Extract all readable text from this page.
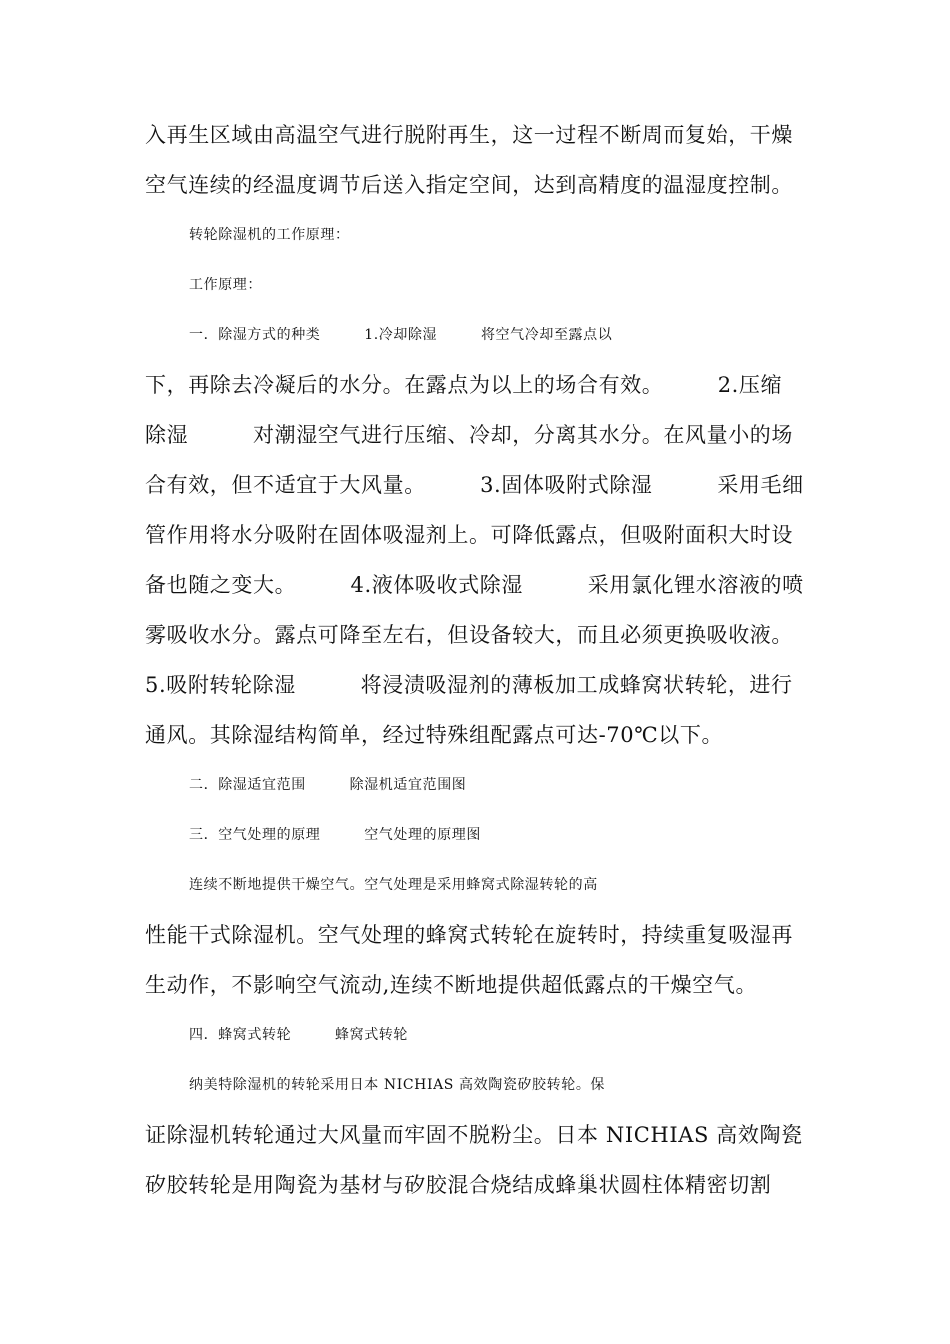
入再生区域由高温空气进行脱附再生，这一过程不断周而复始，干燥
空气连续的经温度调节后送入指定空间，达到高精度的温湿度控制。
转轮除湿机的工作原理：
工作原理：
一．除湿方式的种类　　　1.冷却除湿　　　将空气冷却至露点以
下，再除去冷凝后的水分。在露点为以上的场合有效。　　　2.压缩
除湿　　　对潮湿空气进行压缩、冷却，分离其水分。在风量小的场
合有效，但不适宜于大风量。　　　3.固体吸附式除湿　　　采用毛细
管作用将水分吸附在固体吸湿剂上。可降低露点，但吸附面积大时设
备也随之变大。　　　4.液体吸收式除湿　　　采用氯化锂水溶液的喷
雾吸收水分。露点可降至左右，但设备较大，而且必须更换吸收液。
5.吸附转轮除湿　　　将浸渍吸湿剂的薄板加工成蜂窝状转轮，进行
通风。其除湿结构简单，经过特殊组配露点可达-70℃以下。
二．除湿适宜范围　　　除湿机适宜范围图
三．空气处理的原理　　　空气处理的原理图
连续不断地提供干燥空气。空气处理是采用蜂窝式除湿转轮的高
性能干式除湿机。空气处理的蜂窝式转轮在旋转时，持续重复吸湿再
生动作，不影响空气流动,连续不断地提供超低露点的干燥空气。
四．蜂窝式转轮　　　蜂窝式转轮
纳美特除湿机的转轮采用日本 NICHIAS 高效陶瓷矽胶转轮。保
证除湿机转轮通过大风量而牢固不脱粉尘。日本 NICHIAS 高效陶瓷
矽胶转轮是用陶瓷为基材与矽胶混合烧结成蜂巢状圆柱体精密切割
